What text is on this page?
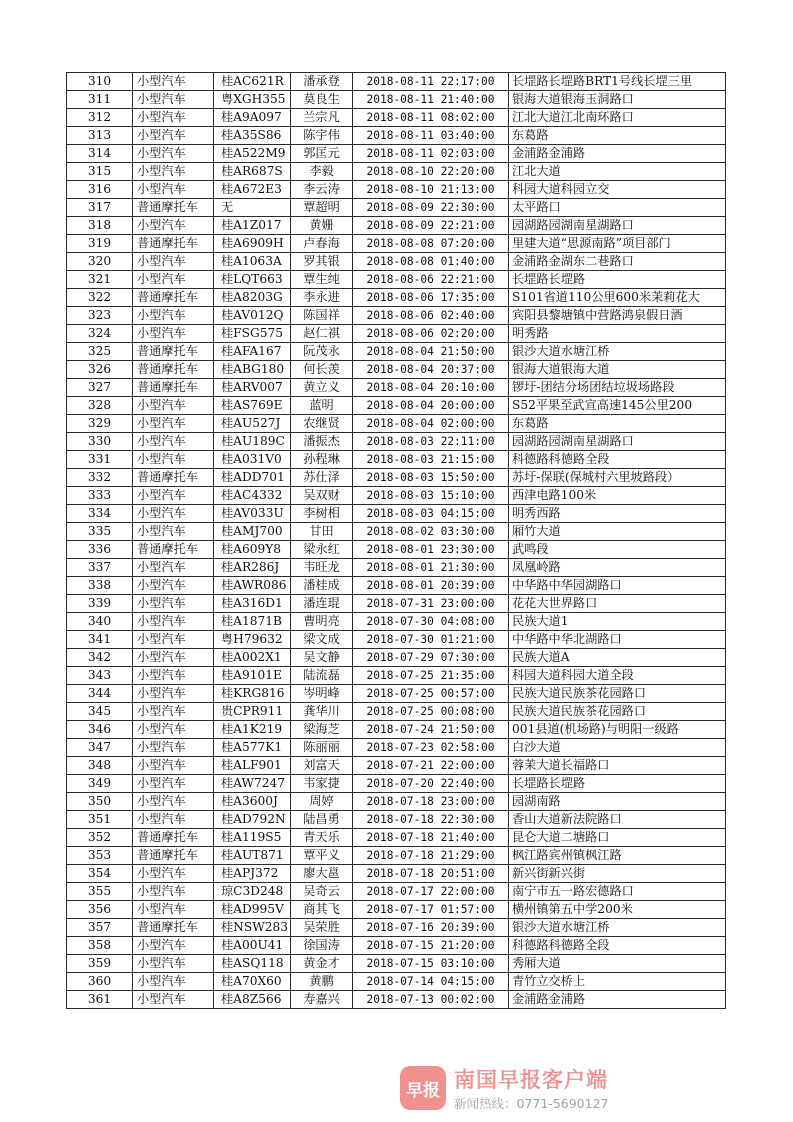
310	小型汽车	桂AC621R	潘承登	2018-08-11 22:17:00	长堽路长堽路BRT1号线长堽三里
311	小型汽车	粤XGH355	莫良生	2018-08-11 21:40:00	银海大道银海玉洞路口
312	小型汽车	桂A9A097	兰宗凡	2018-08-11 08:02:00	江北大道江北南环路口
313	小型汽车	桂A35S86	陈宇伟	2018-08-11 03:40:00	东葛路
314	小型汽车	桂A522M9	郭匡元	2018-08-11 02:03:00	金浦路金浦路
315	小型汽车	桂AR687S	李毅	2018-08-10 22:20:00	江北大道
316	小型汽车	桂A672E3	李云涛	2018-08-10 21:13:00	科园大道科园立交
317	普通摩托车	无	覃超明	2018-08-09 22:30:00	太平路口
318	小型汽车	桂A1Z017	黄姗	2018-08-09 22:21:00	园湖路园湖南星湖路口
319	普通摩托车	桂A6909H	卢春海	2018-08-08 07:20:00	里建大道“思源南路”项目部门
320	小型汽车	桂A1063A	罗其银	2018-08-08 01:40:00	金浦路金湖东二巷路口
321	小型汽车	桂LQT663	覃生纯	2018-08-06 22:21:00	长堽路长堽路
322	普通摩托车	桂A8203G	李永进	2018-08-06 17:35:00	S101省道110公里600米茉莉花大
323	小型汽车	桂AV012Q	陈国祥	2018-08-06 02:40:00	宾阳县黎塘镇中营路鸿泉假日酒
324	小型汽车	桂FSG575	赵仁祺	2018-08-06 02:20:00	明秀路
325	普通摩托车	桂AFA167	阮茂永	2018-08-04 21:50:00	银沙大道水塘江桥
326	普通摩托车	桂ABG180	何长羡	2018-08-04 20:37:00	银海大道银海大道
327	普通摩托车	桂ARV007	黄立义	2018-08-04 20:10:00	锣圩-团结分场团结垃圾场路段
328	小型汽车	桂AS769E	蓝明	2018-08-04 20:00:00	S52平果至武宣高速145公里200
329	小型汽车	桂AU527J	农继贤	2018-08-04 02:00:00	东葛路
330	小型汽车	桂AU189C	潘振杰	2018-08-03 22:11:00	园湖路园湖南星湖路口
331	小型汽车	桂A031V0	孙程琳	2018-08-03 21:15:00	科德路科德路全段
332	普通摩托车	桂ADD701	苏仕泽	2018-08-03 15:50:00	苏圩-保联(保城村六里坡路段）
333	小型汽车	桂AC4332	吴双财	2018-08-03 15:10:00	西津电路100米
334	小型汽车	桂AV033U	李树相	2018-08-03 04:15:00	明秀西路
335	小型汽车	桂AMJ700	甘田	2018-08-02 03:30:00	厢竹大道
336	普通摩托车	桂A609Y8	梁永红	2018-08-01 23:30:00	武鸣段
337	小型汽车	桂AR286J	韦旺龙	2018-08-01 21:30:00	凤凰岭路
338	小型汽车	桂AWR086	潘桂成	2018-08-01 20:39:00	中华路中华园湖路口
339	小型汽车	桂A316D1	潘连琨	2018-07-31 23:00:00	花花大世界路口
340	小型汽车	桂A1871B	曹明亮	2018-07-30 04:08:00	民族大道1
341	小型汽车	粤H79632	梁文成	2018-07-30 01:21:00	中华路中华北湖路口
342	小型汽车	桂A002X1	吴文静	2018-07-29 07:30:00	民族大道A
343	小型汽车	桂A9101E	陆流磊	2018-07-25 21:35:00	科园大道科园大道全段
344	小型汽车	桂KRG816	岑明峰	2018-07-25 00:57:00	民族大道民族茶花园路口
345	小型汽车	贵CPR911	龚华川	2018-07-25 00:08:00	民族大道民族茶花园路口
346	小型汽车	桂A1K219	梁海芝	2018-07-24 21:50:00	001县道(机场路)与明阳一级路
347	小型汽车	桂A577K1	陈丽丽	2018-07-23 02:58:00	白沙大道
348	小型汽车	桂ALF901	刘富天	2018-07-21 22:00:00	蓉茉大道长福路口
349	小型汽车	桂AW7247	韦家捷	2018-07-20 22:40:00	长堽路长堽路
350	小型汽车	桂A3600J	周婷	2018-07-18 23:00:00	园湖南路
351	小型汽车	桂AD792N	陆昌勇	2018-07-18 22:30:00	香山大道新法院路口
352	普通摩托车	桂A119S5	青天乐	2018-07-18 21:40:00	昆仑大道二塘路口
353	普通摩托车	桂AUT871	覃平义	2018-07-18 21:29:00	枫江路宾州镇枫江路
354	小型汽车	桂APJ372	廖大邕	2018-07-18 20:51:00	新兴街新兴街
355	小型汽车	琼C3D248	吴奇云	2018-07-17 22:00:00	南宁市五一路宏德路口
356	小型汽车	桂AD995V	商其飞	2018-07-17 01:57:00	横州镇第五中学200米
357	普通摩托车	桂NSW283	吴荣胜	2018-07-16 20:39:00	银沙大道水塘江桥
358	小型汽车	桂A00U41	徐国涛	2018-07-15 21:20:00	科德路科德路全段
359	小型汽车	桂ASQ118	黄金才	2018-07-15 03:10:00	秀厢大道
360	小型汽车	桂A70X60	黄鹏	2018-07-14 04:15:00	青竹立交桥上
361	小型汽车	桂A8Z566	寿嘉兴	2018-07-13 00:02:00	金浦路金浦路
早报 南国早报客户端
新闻热线：0771-5690127
